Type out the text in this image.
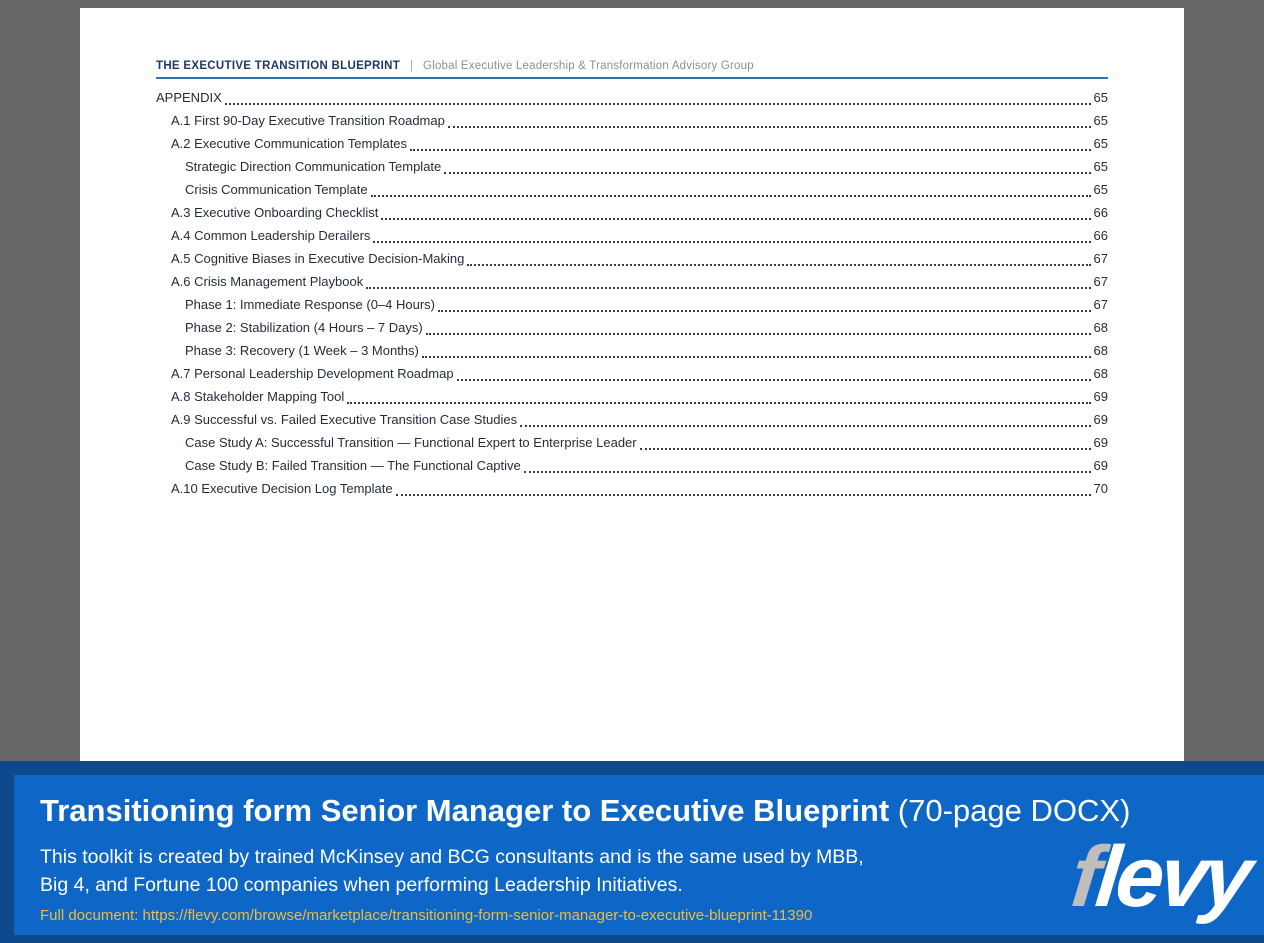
THE EXECUTIVE TRANSITION BLUEPRINT | Global Executive Leadership & Transformation Advisory Group
APPENDIX	65
A.1 First 90-Day Executive Transition Roadmap	65
A.2 Executive Communication Templates	65
Strategic Direction Communication Template	65
Crisis Communication Template	65
A.3 Executive Onboarding Checklist	66
A.4 Common Leadership Derailers	66
A.5 Cognitive Biases in Executive Decision-Making	67
A.6 Crisis Management Playbook	67
Phase 1: Immediate Response (0–4 Hours)	67
Phase 2: Stabilization (4 Hours – 7 Days)	68
Phase 3: Recovery (1 Week – 3 Months)	68
A.7 Personal Leadership Development Roadmap	68
A.8 Stakeholder Mapping Tool	69
A.9 Successful vs. Failed Executive Transition Case Studies	69
Case Study A: Successful Transition — Functional Expert to Enterprise Leader	69
Case Study B: Failed Transition — The Functional Captive	69
A.10 Executive Decision Log Template	70
Transitioning form Senior Manager to Executive Blueprint (70-page DOCX)
This toolkit is created by trained McKinsey and BCG consultants and is the same used by MBB,
Big 4, and Fortune 100 companies when performing Leadership Initiatives.
Full document: https://flevy.com/browse/marketplace/transitioning-form-senior-manager-to-executive-blueprint-11390	flevy
